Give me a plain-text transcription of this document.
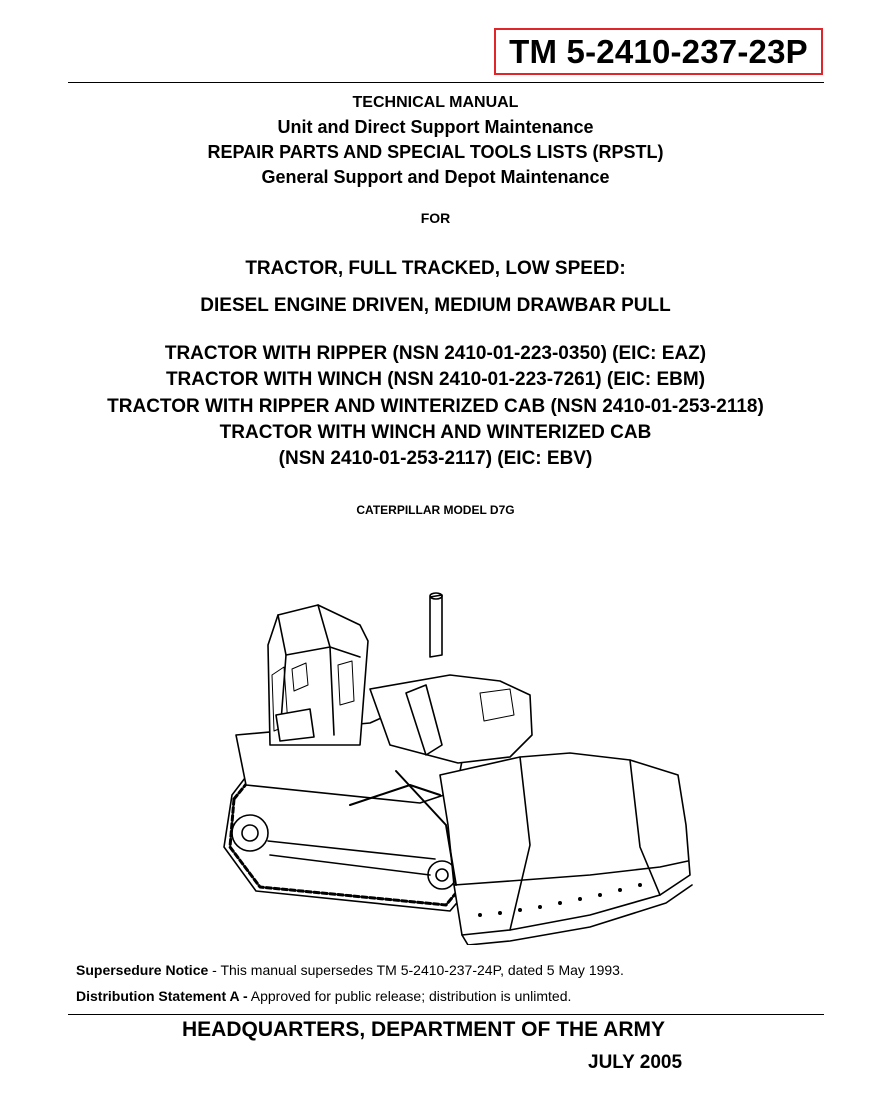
TM 5-2410-237-23P
TECHNICAL MANUAL
Unit and Direct Support Maintenance
REPAIR PARTS AND SPECIAL TOOLS LISTS (RPSTL)
General Support and Depot Maintenance
FOR
TRACTOR, FULL TRACKED, LOW SPEED:
DIESEL ENGINE DRIVEN, MEDIUM DRAWBAR PULL
TRACTOR WITH RIPPER (NSN 2410-01-223-0350) (EIC: EAZ)
TRACTOR WITH WINCH (NSN 2410-01-223-7261) (EIC: EBM)
TRACTOR WITH RIPPER AND WINTERIZED CAB (NSN 2410-01-253-2118)
TRACTOR WITH WINCH AND WINTERIZED CAB
(NSN 2410-01-253-2117) (EIC: EBV)
CATERPILLAR MODEL D7G
Supersedure Notice - This manual supersedes TM 5-2410-237-24P, dated 5 May 1993.
Distribution Statement A - Approved for public release; distribution is unlimted.
HEADQUARTERS, DEPARTMENT OF THE ARMY
JULY 2005
